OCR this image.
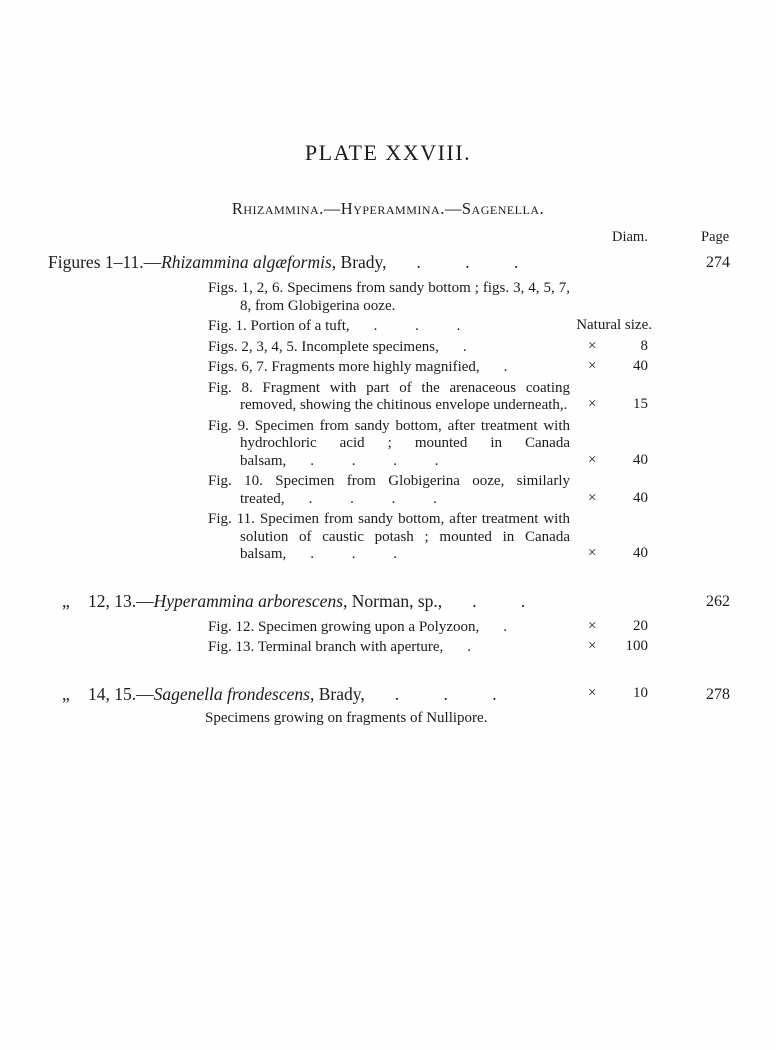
PLATE XXVIII.
Rhizammina.—Hyperammina.—Sagenella.
Diam.	Page
Figures 1–11.—Rhizammina algæformis, Brady, . . .	274
Figs. 1, 2, 6. Specimens from sandy bottom ; figs. 3, 4, 5, 7, 8, from Globigerina ooze.
Fig. 1. Portion of a tuft, . . .	Natural size.
Figs. 2, 3, 4, 5. Incomplete specimens, .	×	8
Figs. 6, 7. Fragments more highly magnified, .	× 40
Fig. 8. Fragment with part of the arenaceous coating removed, showing the chitinous envelope underneath,. × 15
Fig. 9. Specimen from sandy bottom, after treatment with hydrochloric acid ; mounted in Canada balsam, . . . .	× 40
Fig. 10. Specimen from Globigerina ooze, similarly treated, . . . .	× 40
Fig. 11. Specimen from sandy bottom, after treatment with solution of caustic potash ; mounted in Canada balsam, . . .	× 40
„ 12, 13.—Hyperammina arborescens, Norman, sp., . .	262
Fig. 12. Specimen growing upon a Polyzoon, .	× 20
Fig. 13. Terminal branch with aperture, .	× 100
„ 14, 15.—Sagenella frondescens, Brady, . . .	× 10	278
Specimens growing on fragments of Nullipore.
